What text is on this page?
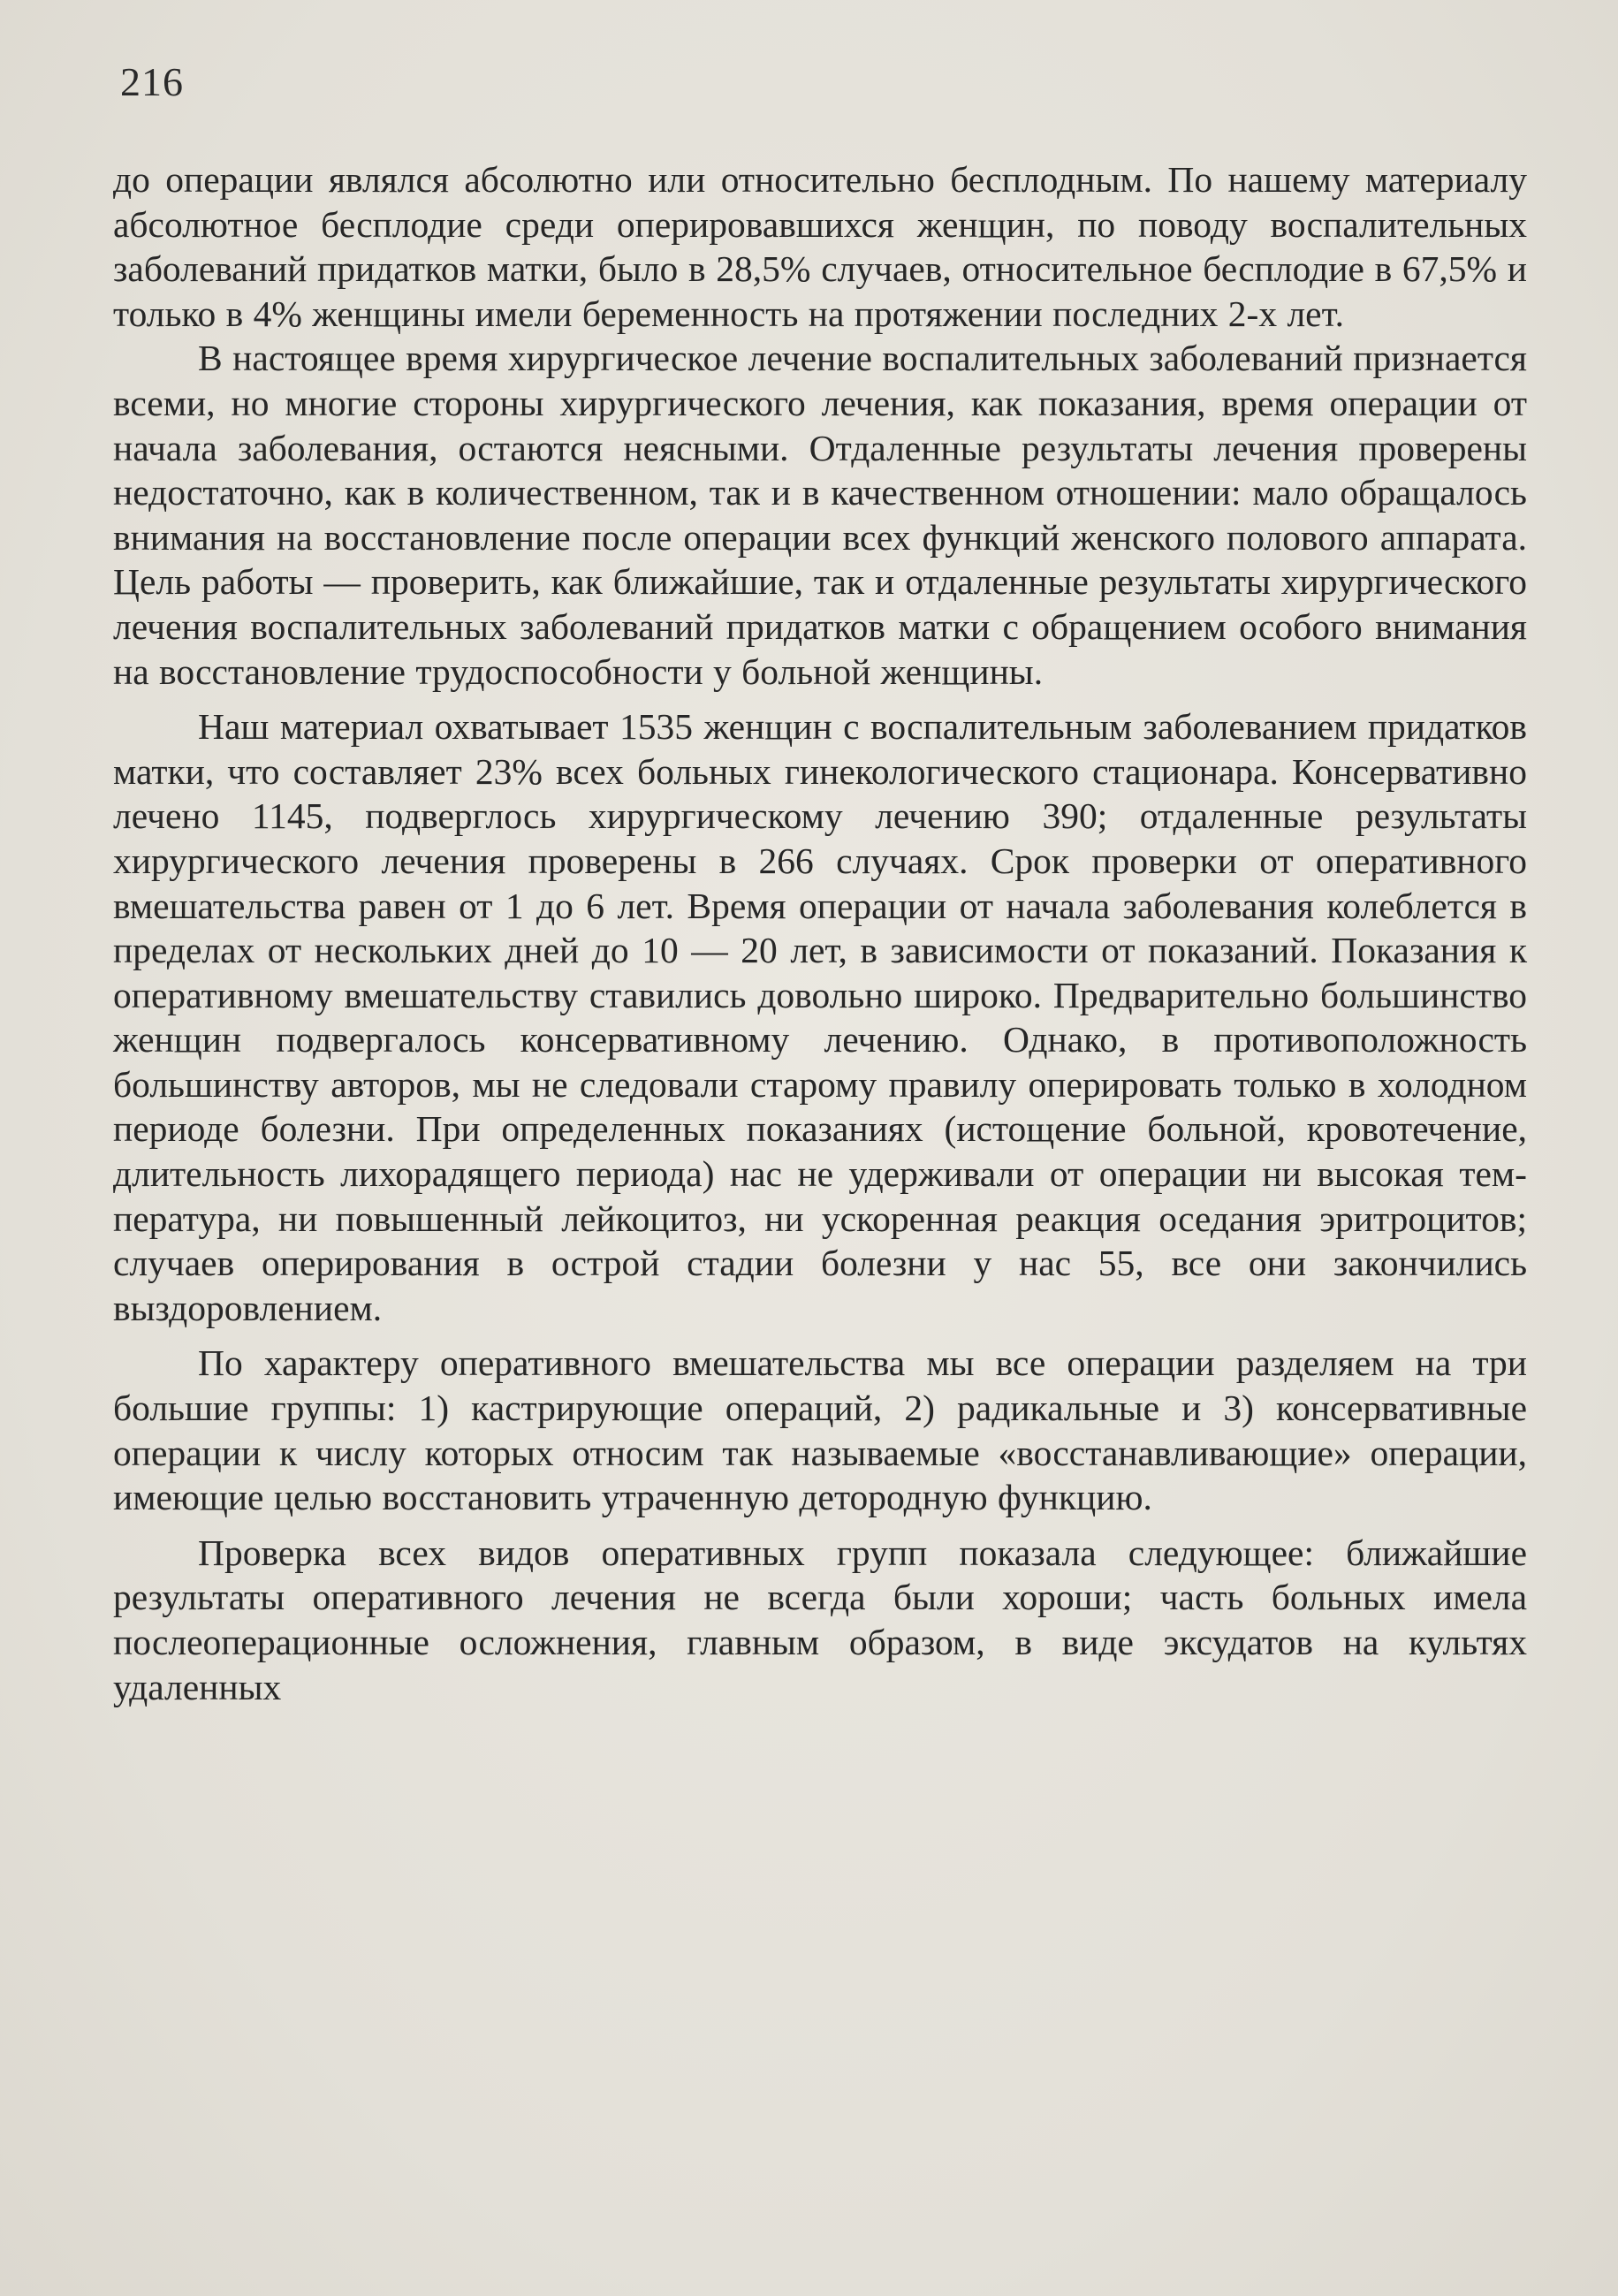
216

до операции являлся абсолютно или относительно бесплодным. По нашему материалу абсолютное бесплодие среди оперировавшихся женщин, по поводу воспалительных заболеваний придатков матки, было в 28,5% случаев, относительное бесплодие в 67,5% и только в 4% женщины имели беременность на протяжении последних 2-х лет.

В настоящее время хирургическое лечение воспалительных заболеваний признается всеми, но многие стороны хирургического лечения, как показания, время операции от начала заболевания, остаются неясными. Отдаленные результаты лечения проверены недостаточно, как в количественном, так и в качественном отношении: мало обращалось внимания на восстановление после операции всех функций женского полового аппарата. Цель работы — проверить, как ближайшие, так и отдаленные результаты хирургического лечения воспалительных заболеваний придатков матки с обращением особого внимания на восстановление трудоспособности у больной женщины.

Наш материал охватывает 1535 женщин с воспалительным заболеванием придатков матки, что составляет 23% всех больных гинекологического стационара. Консервативно лечено 1145, подверглось хирургическому лечению 390; отдаленные результаты хирургического лечения проверены в 266 случаях. Срок проверки от оперативного вмешательства равен от 1 до 6 лет. Время операции от начала заболевания колеблется в пределах от нескольких дней до 10 — 20 лет, в зависимости от показаний. Показания к оперативному вмешательству ставились довольно широко. Предварительно большинство женщин подвергалось консервативному лечению. Однако, в противоположность большинству авторов, мы не следовали старому правилу оперировать только в холодном периоде болезни. При определенных показаниях (истощение больной, кровотечение, длительность лихорадящего периода) нас не удерживали от операции ни высокая температура, ни повышенный лейкоцитоз, ни ускоренная реакция оседания эритроцитов; случаев оперирования в острой стадии болезни у нас 55, все они закончились выздоровлением.

По характеру оперативного вмешательства мы все операции разделяем на три большие группы: 1) кастрирующие операций, 2) радикальные и 3) консервативные операции к числу которых относим так называемые «восстанавливающие» операции, имеющие целью восстановить утраченную детородную функцию.

Проверка всех видов оперативных групп показала следующее: ближайшие результаты оперативного лечения не всегда были хороши; часть больных имела послеоперационные осложнения, главным образом, в виде эксудатов на культях удаленных
